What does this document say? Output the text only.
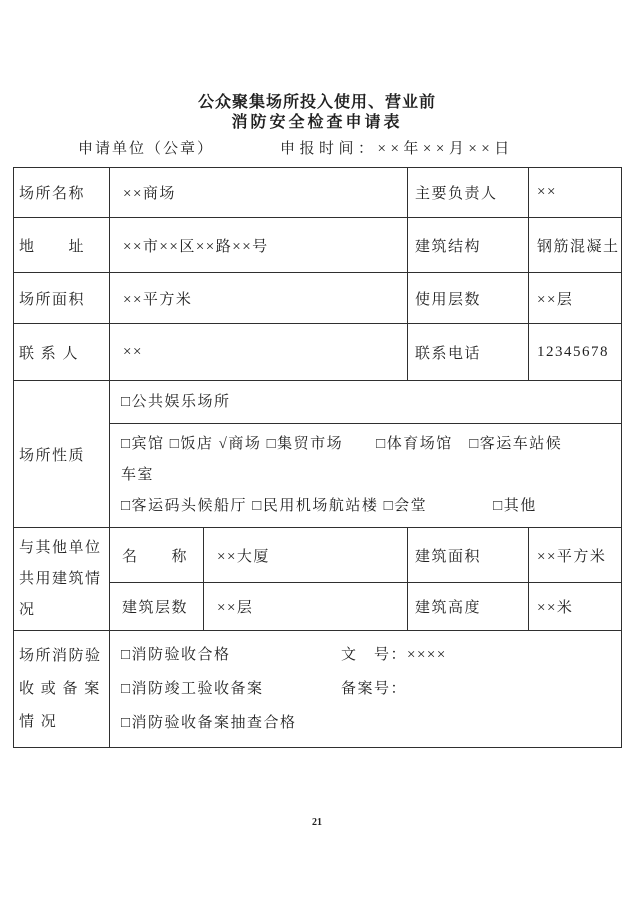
公众聚集场所投入使用、营业前
消防安全检查申请表
申请单位（公章）	申报时间：××年××月××日
场所名称	××商场		主要负责人	××
地　　址	××市××区××路××号		建筑结构	钢筋混凝土
场所面积	××平方米		使用层数	××层
联 系 人	××		联系电话	12345678
场所性质	□公共娱乐场所			

	□宾馆 □饭店 √商场 □集贸市场　　□体育场馆　□客运车站候
车室
□客运码头候船厅 □民用机场航站楼 □会堂　　　　□其他			

与其他单位
共用建筑情
况	名　　称	××大厦	建筑面积	××平方米
	建筑层数	××层	建筑高度	××米

场所消防验
收 或 备 案
情 况

□消防验收合格	文　号：××××
□消防竣工验收备案	备案号：
□消防验收备案抽查合格
21
